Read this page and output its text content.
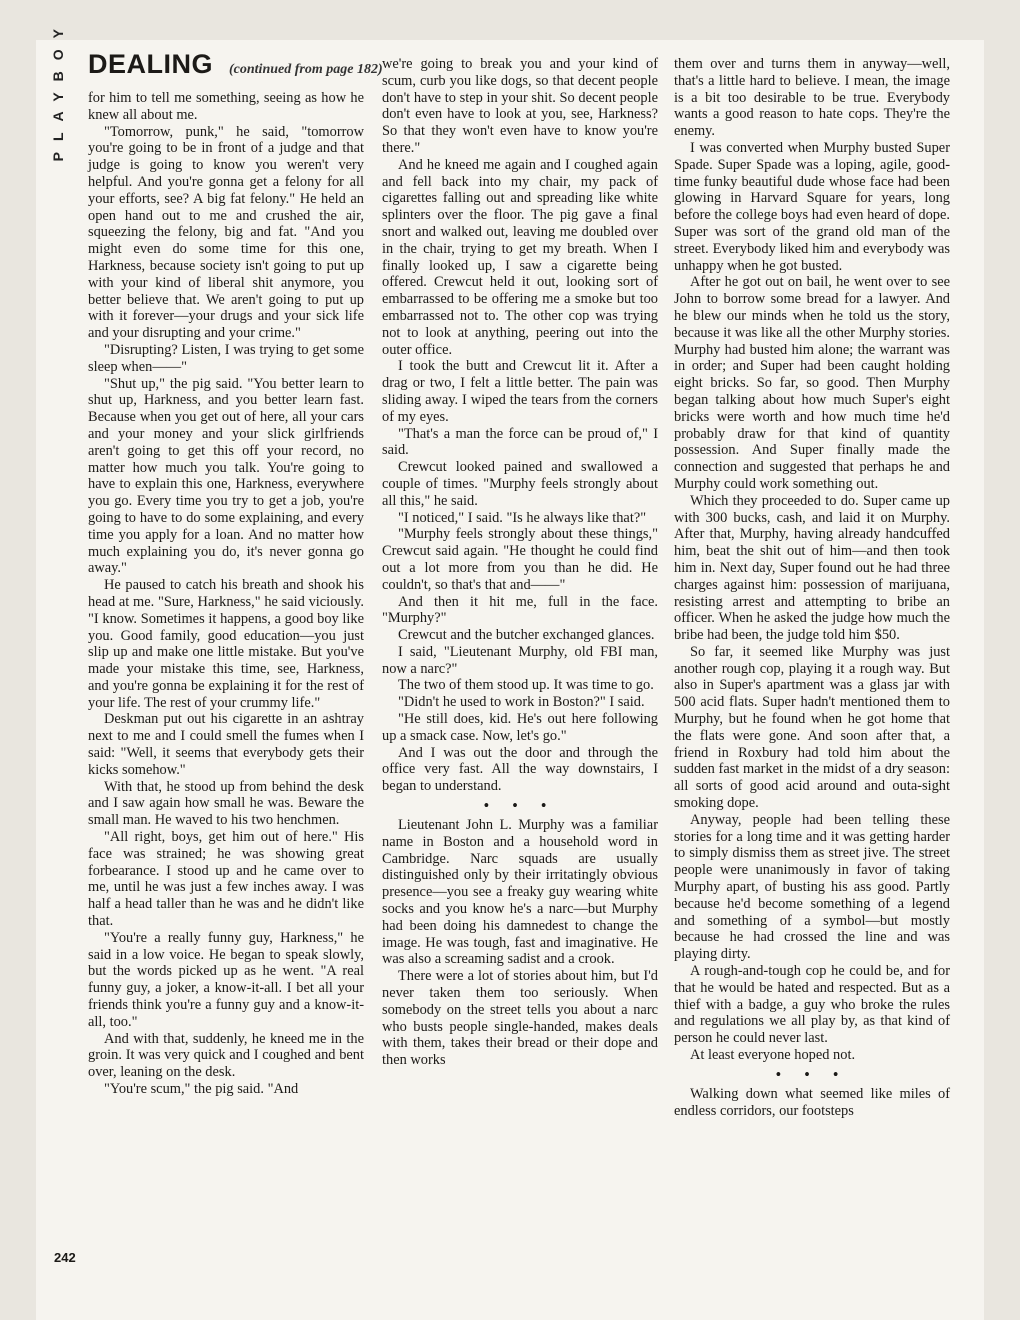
PLAYBOY DEALING (continued from page 182)

for him to tell me something, seeing as how he knew all about me.

"Tomorrow, punk," he said, "tomorrow you're going to be in front of a judge and that judge is going to know you weren't very helpful. And you're gonna get a felony for all your efforts, see? A big fat felony." He held an open hand out to me and crushed the air, squeezing the felony, big and fat. "And you might even do some time for this one, Harkness, because society isn't going to put up with your kind of liberal shit anymore, you better believe that. We aren't going to put up with it forever—your drugs and your sick life and your disrupting and your crime."

"Disrupting? Listen, I was trying to get some sleep when——"

"Shut up," the pig said. "You better learn to shut up, Harkness, and you better learn fast. Because when you get out of here, all your cars and your money and your slick girlfriends aren't going to get this off your record, no matter how much you talk. You're going to have to explain this one, Harkness, everywhere you go. Every time you try to get a job, you're going to have to do some explaining, and every time you apply for a loan. And no matter how much explaining you do, it's never gonna go away."

He paused to catch his breath and shook his head at me. "Sure, Harkness," he said viciously. "I know. Sometimes it happens, a good boy like you. Good family, good education—you just slip up and make one little mistake. But you've made your mistake this time, see, Harkness, and you're gonna be explaining it for the rest of your life. The rest of your crummy life."

Deskman put out his cigarette in an ashtray next to me and I could smell the fumes when I said: "Well, it seems that everybody gets their kicks somehow."

With that, he stood up from behind the desk and I saw again how small he was. Beware the small man. He waved to his two henchmen.

"All right, boys, get him out of here." His face was strained; he was showing great forbearance. I stood up and he came over to me, until he was just a few inches away. I was half a head taller than he was and he didn't like that.

"You're a really funny guy, Harkness," he said in a low voice. He began to speak slowly, but the words picked up as he went. "A real funny guy, a joker, a know-it-all. I bet all your friends think you're a funny guy and a know-it-all, too."

And with that, suddenly, he kneed me in the groin. It was very quick and I coughed and bent over, leaning on the desk.

"You're scum," the pig said. "And

we're going to break you and your kind of scum, curb you like dogs, so that decent people don't have to step in your shit. So decent people don't even have to look at you, see, Harkness? So that they won't even have to know you're there."

And he kneed me again and I coughed again and fell back into my chair, my pack of cigarettes falling out and spreading like white splinters over the floor. The pig gave a final snort and walked out, leaving me doubled over in the chair, trying to get my breath. When I finally looked up, I saw a cigarette being offered. Crewcut held it out, looking sort of embarrassed to be offering me a smoke but too embarrassed not to. The other cop was trying not to look at anything, peering out into the outer office.

I took the butt and Crewcut lit it. After a drag or two, I felt a little better. The pain was sliding away. I wiped the tears from the corners of my eyes.

"That's a man the force can be proud of," I said.

Crewcut looked pained and swallowed a couple of times. "Murphy feels strongly about all this," he said.

"I noticed," I said. "Is he always like that?"

"Murphy feels strongly about these things," Crewcut said again. "He thought he could find out a lot more from you than he did. He couldn't, so that's that and——"

And then it hit me, full in the face. "Murphy?"

Crewcut and the butcher exchanged glances.

I said, "Lieutenant Murphy, old FBI man, now a narc?"

The two of them stood up. It was time to go.

"Didn't he used to work in Boston?" I said.

"He still does, kid. He's out here following up a smack case. Now, let's go."

And I was out the door and through the office very fast. All the way downstairs, I began to understand.

• • •

Lieutenant John L. Murphy was a familiar name in Boston and a household word in Cambridge. Narc squads are usually distinguished only by their irritatingly obvious presence—you see a freaky guy wearing white socks and you know he's a narc—but Murphy had been doing his damnedest to change the image. He was tough, fast and imaginative. He was also a screaming sadist and a crook.

There were a lot of stories about him, but I'd never taken them too seriously. When somebody on the street tells you about a narc who busts people single-handed, makes deals with them, takes their bread or their dope and then works

them over and turns them in anyway—well, that's a little hard to believe. I mean, the image is a bit too desirable to be true. Everybody wants a good reason to hate cops. They're the enemy.

I was converted when Murphy busted Super Spade. Super Spade was a loping, agile, good-time funky beautiful dude whose face had been glowing in Harvard Square for years, long before the college boys had even heard of dope. Super was sort of the grand old man of the street. Everybody liked him and everybody was unhappy when he got busted.

After he got out on bail, he went over to see John to borrow some bread for a lawyer. And he blew our minds when he told us the story, because it was like all the other Murphy stories. Murphy had busted him alone; the warrant was in order; and Super had been caught holding eight bricks. So far, so good. Then Murphy began talking about how much Super's eight bricks were worth and how much time he'd probably draw for that kind of quantity possession. And Super finally made the connection and suggested that perhaps he and Murphy could work something out.

Which they proceeded to do. Super came up with 300 bucks, cash, and laid it on Murphy. After that, Murphy, having already handcuffed him, beat the shit out of him—and then took him in. Next day, Super found out he had three charges against him: possession of marijuana, resisting arrest and attempting to bribe an officer. When he asked the judge how much the bribe had been, the judge told him $50.

So far, it seemed like Murphy was just another rough cop, playing it a rough way. But also in Super's apartment was a glass jar with 500 acid flats. Super hadn't mentioned them to Murphy, but he found when he got home that the flats were gone. And soon after that, a friend in Roxbury had told him about the sudden fast market in the midst of a dry season: all sorts of good acid around and outa-sight smoking dope.

Anyway, people had been telling these stories for a long time and it was getting harder to simply dismiss them as street jive. The street people were unanimously in favor of taking Murphy apart, of busting his ass good. Partly because he'd become something of a legend and something of a symbol—but mostly because he had crossed the line and was playing dirty.

A rough-and-tough cop he could be, and for that he would be hated and respected. But as a thief with a badge, a guy who broke the rules and regulations we all play by, as that kind of person he could never last.

At least everyone hoped not.

• • •

Walking down what seemed like miles of endless corridors, our footsteps

242
